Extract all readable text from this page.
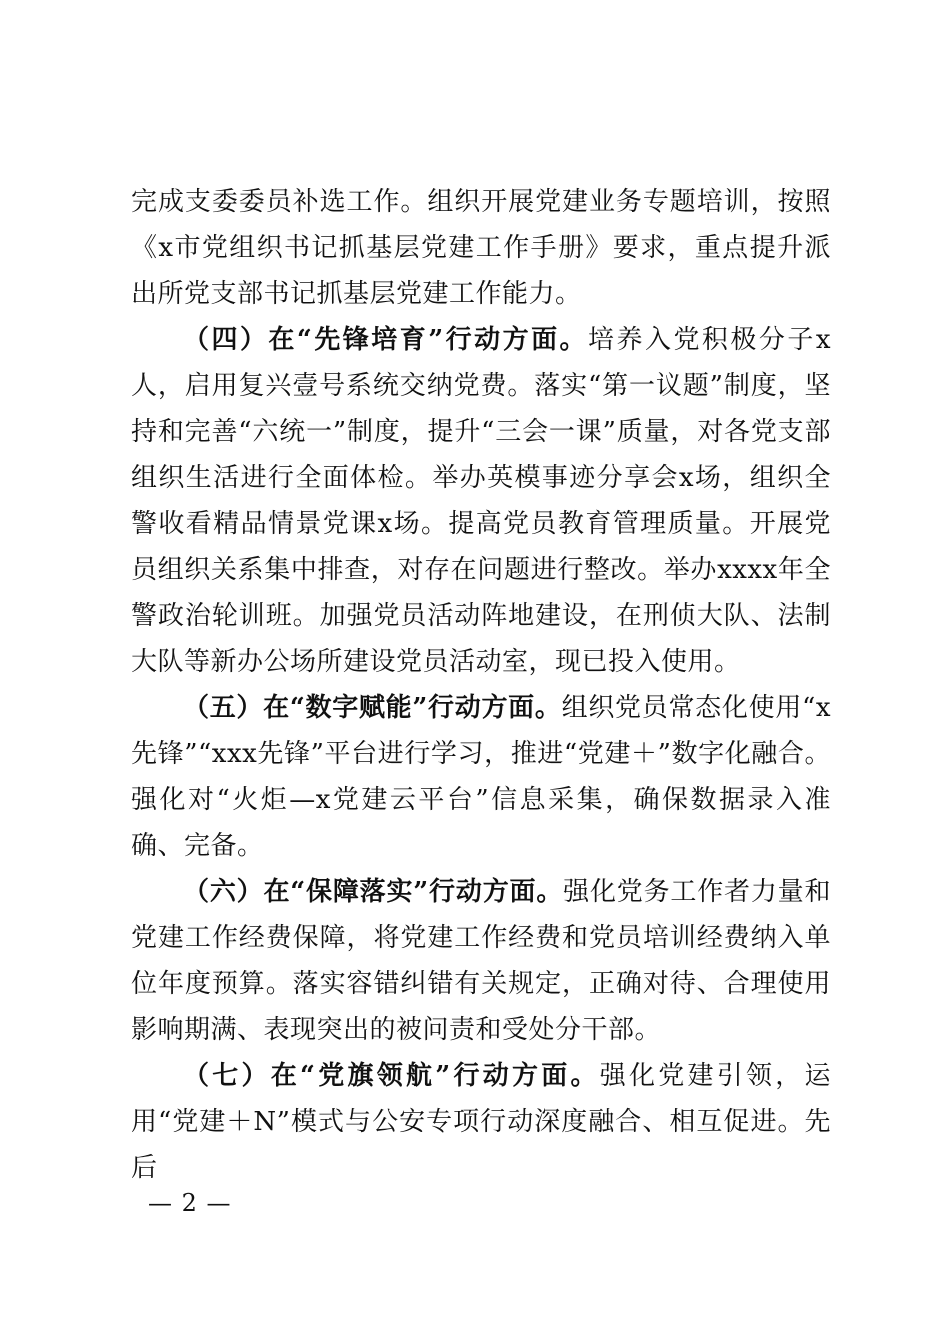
完成支委委员补选工作。组织开展党建业务专题培训，按照《x市党组织书记抓基层党建工作手册》要求，重点提升派出所党支部书记抓基层党建工作能力。

（四）在“先锋培育”行动方面。培养入党积极分子x人，启用复兴壹号系统交纳党费。落实“第一议题”制度，坚持和完善“六统一”制度，提升“三会一课”质量，对各党支部组织生活进行全面体检。举办英模事迹分享会x场，组织全警收看精品情景党课x场。提高党员教育管理质量。开展党员组织关系集中排查，对存在问题进行整改。举办xxxx年全警政治轮训班。加强党员活动阵地建设，在刑侦大队、法制大队等新办公场所建设党员活动室，现已投入使用。

（五）在“数字赋能”行动方面。组织党员常态化使用“x先锋”“xxx先锋”平台进行学习，推进“党建＋”数字化融合。强化对“火炬—x党建云平台”信息采集，确保数据录入准确、完备。

（六）在“保障落实”行动方面。强化党务工作者力量和党建工作经费保障，将党建工作经费和党员培训经费纳入单位年度预算。落实容错纠错有关规定，正确对待、合理使用影响期满、表现突出的被问责和受处分干部。

（七）在“党旗领航”行动方面。强化党建引领，运用“党建＋N”模式与公安专项行动深度融合、相互促进。先后

— 2 —
